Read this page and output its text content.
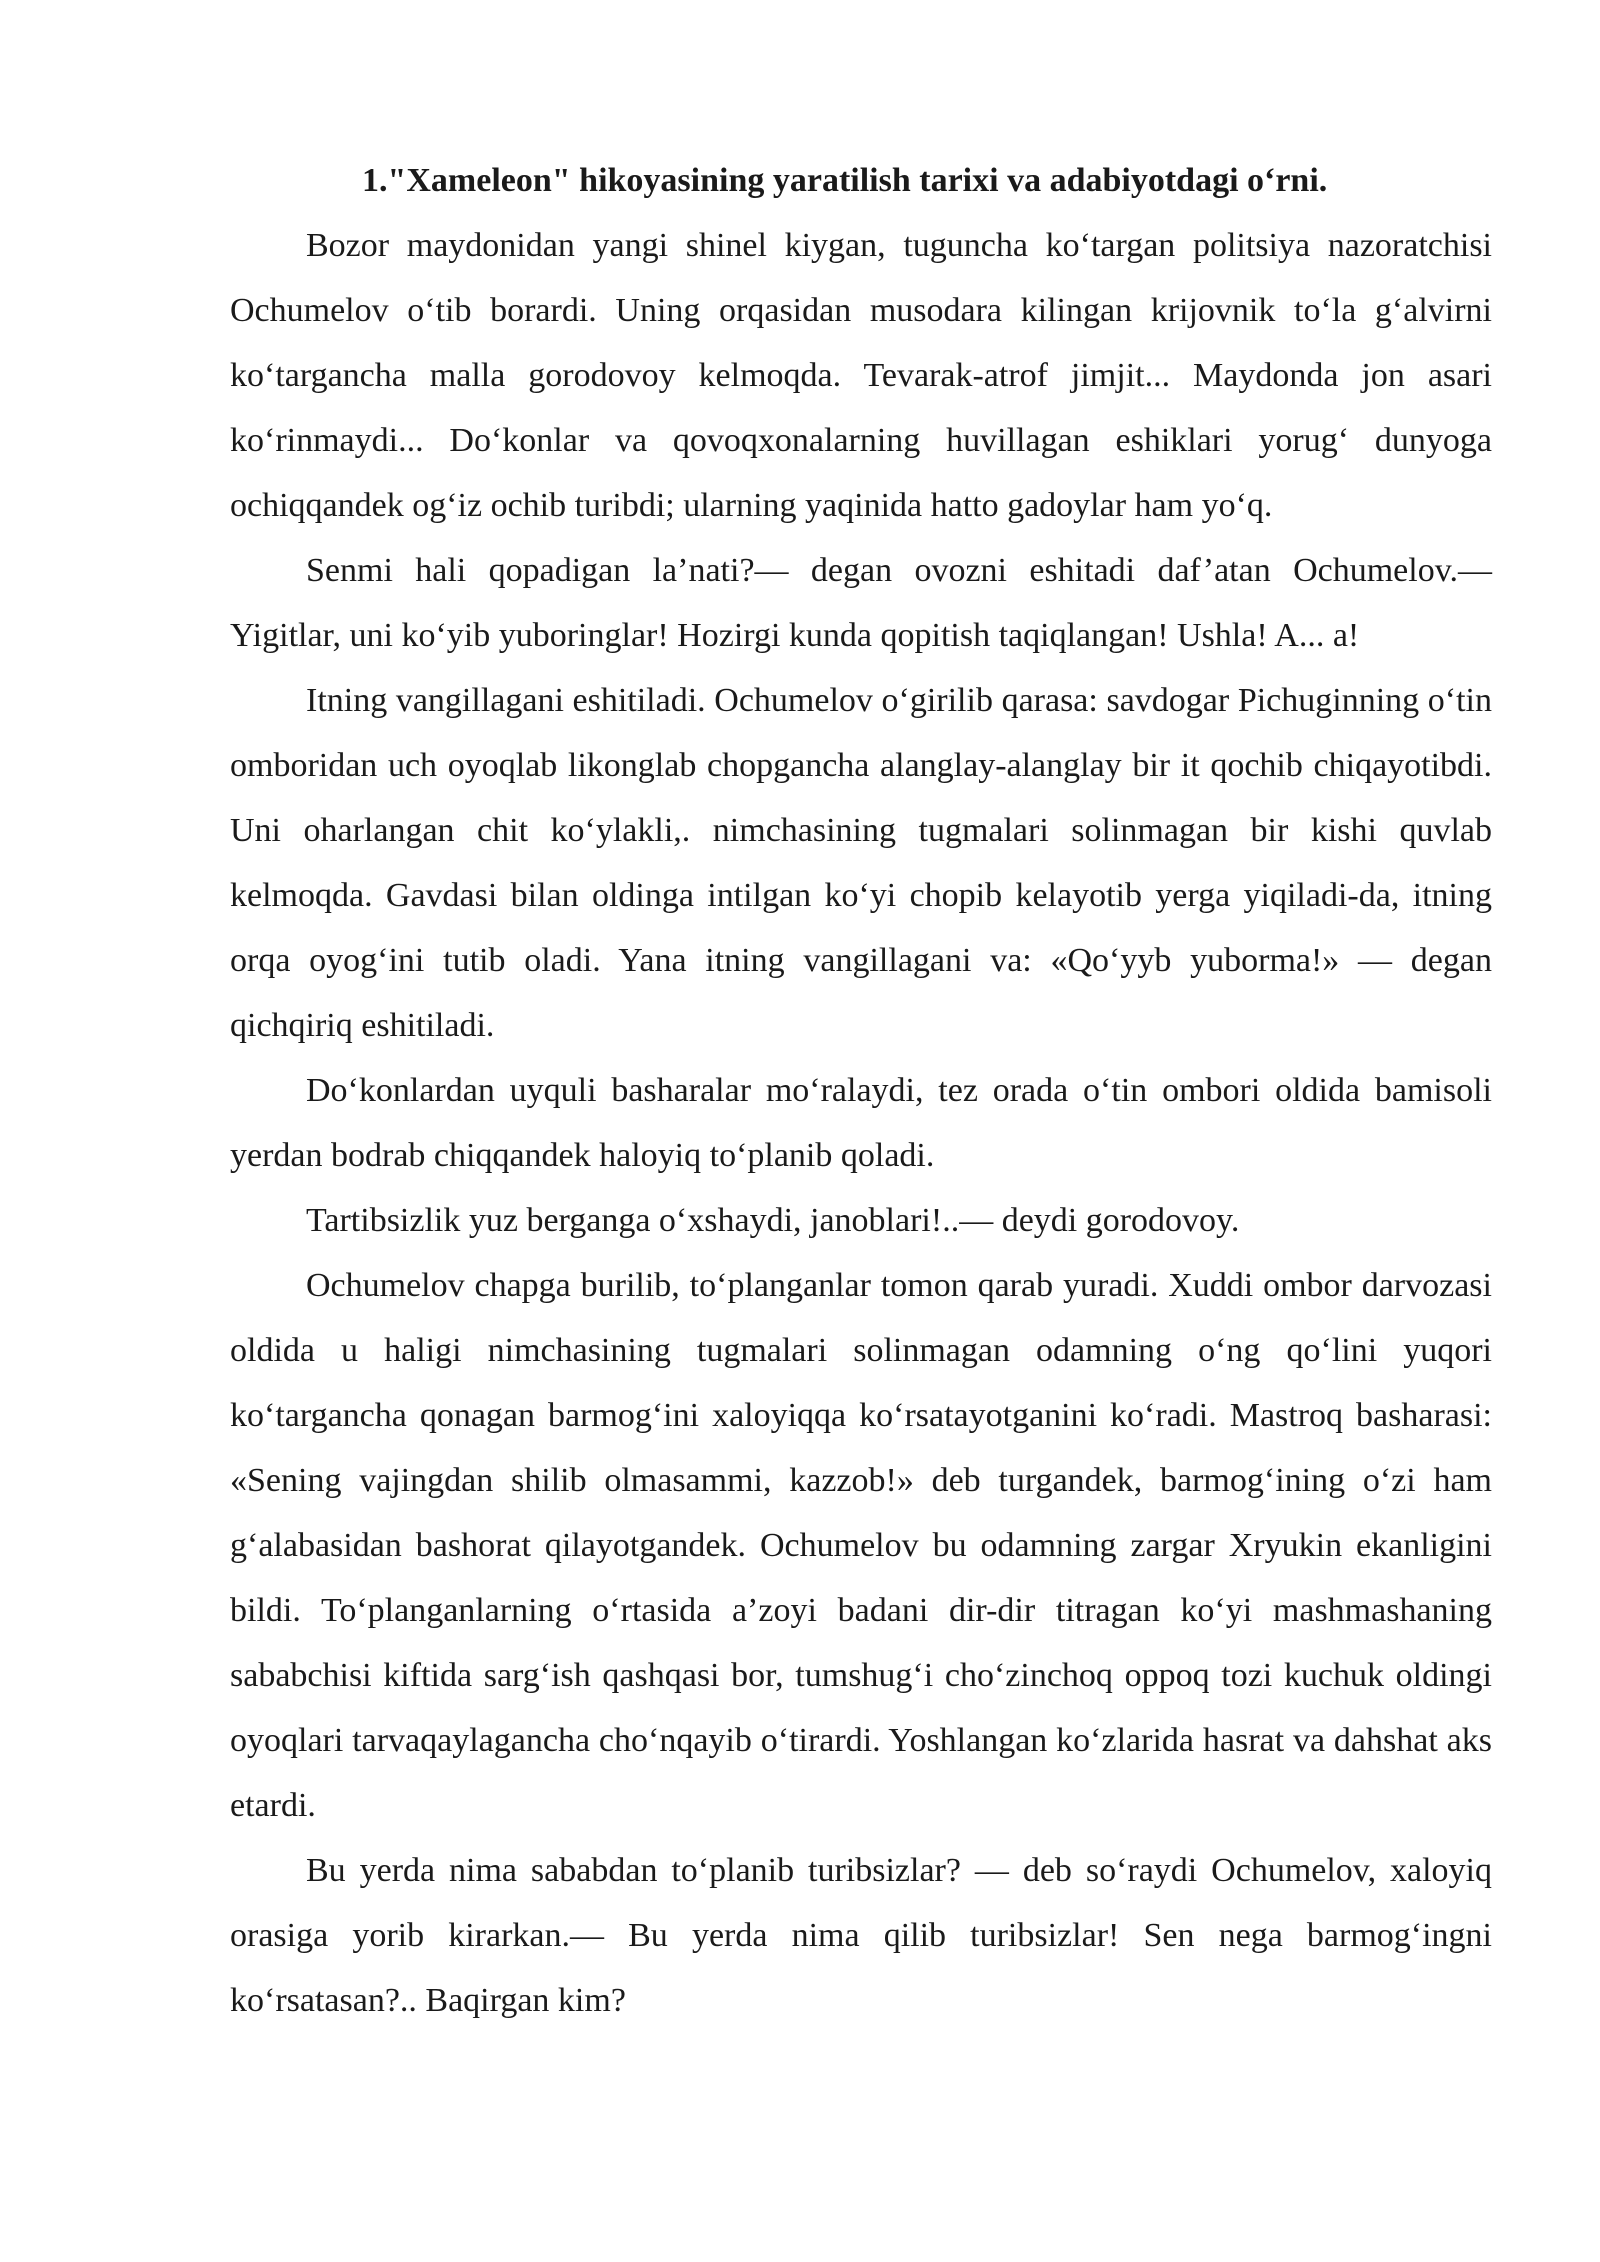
1."Xameleon" hikoyasining yaratilish tarixi va adabiyotdagi o‘rni.

Bozor maydonidan yangi shinel kiygan, tuguncha ko‘targan politsiya nazoratchisi Ochumelov o‘tib borardi. Uning orqasidan musodara kilingan krijovnik to‘la g‘alvirni ko‘targancha malla gorodovoy kelmoqda. Tevarak-atrof jimjit... Maydonda jon asari ko‘rinmaydi... Do‘konlar va qovoqxonalarning huvillagan eshiklari yorug‘ dunyoga ochiqqandek og‘iz ochib turibdi; ularning yaqinida hatto gadoylar ham yo‘q.

Senmi hali qopadigan la’nati?— degan ovozni eshitadi daf’atan Ochumelov.— Yigitlar, uni ko‘yib yuboringlar! Hozirgi kunda qopitish taqiqlangan! Ushla! A... a!

Itning vangillagani eshitiladi. Ochumelov o‘girilib qarasa: savdogar Pichuginning o‘tin omboridan uch oyoqlab likonglab chopgancha alanglay-alanglay bir it qochib chiqayotibdi. Uni oharlangan chit ko‘ylakli,. nimchasining tugmalari solinmagan bir kishi quvlab kelmoqda. Gavdasi bilan oldinga intilgan ko‘yi chopib kelayotib yerga yiqiladi-da, itning orqa oyog‘ini tutib oladi. Yana itning vangillagani va: «Qo‘yyb yuborma!» — degan qichqiriq eshitiladi.

Do‘konlardan uyquli basharalar mo‘ralaydi, tez orada o‘tin ombori oldida bamisoli yerdan bodrab chiqqandek haloyiq to‘planib qoladi.

Tartibsizlik yuz berganga o‘xshaydi, janoblari!..— deydi gorodovoy.

Ochumelov chapga burilib, to‘planganlar tomon qarab yuradi. Xuddi ombor darvozasi oldida u haligi nimchasining tugmalari solinmagan odamning o‘ng qo‘lini yuqori ko‘targancha qonagan barmog‘ini xaloyiqqa ko‘rsatayotganini ko‘radi. Mastroq basharasi: «Sening vajingdan shilib olmasammi, kazzob!» deb turgandek, barmog‘ining o‘zi ham g‘alabasidan bashorat qilayotgandek. Ochumelov bu odamning zargar Xryukin ekanligini bildi. To‘planganlarning o‘rtasida a’zoyi badani dir-dir titragan ko‘yi mashmashaning sababchisi kiftida sarg‘ish qashqasi bor, tumshug‘i cho‘zinchoq oppoq tozi kuchuk oldingi oyoqlari tarvaqaylagancha cho‘nqayib o‘tirardi. Yoshlangan ko‘zlarida hasrat va dahshat aks etardi.

Bu yerda nima sababdan to‘planib turibsizlar? — deb so‘raydi Ochumelov, xaloyiq orasiga yorib kirarkan.— Bu yerda nima qilib turibsizlar! Sen nega barmog‘ingni ko‘rsatasan?.. Baqirgan kim?
